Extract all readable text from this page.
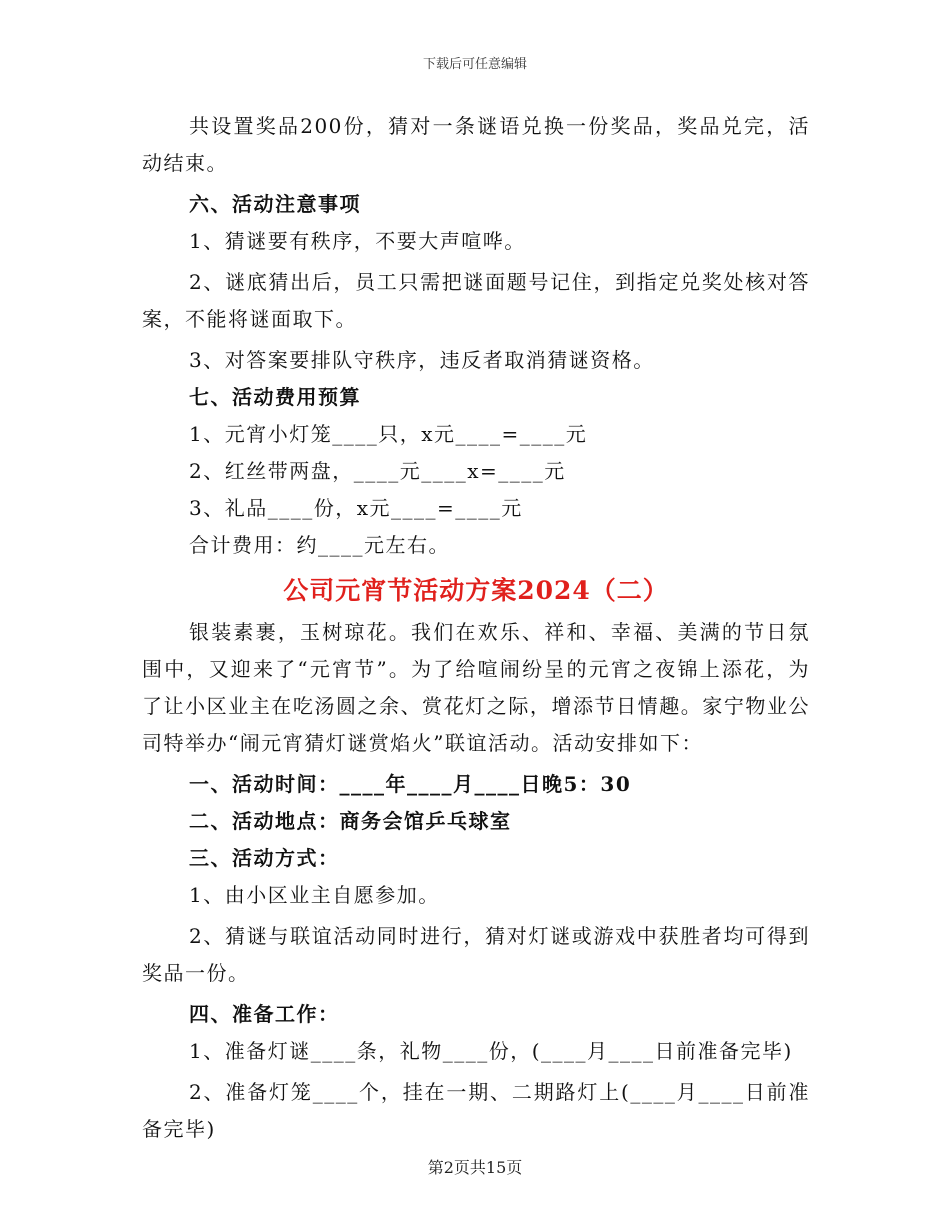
下载后可任意编辑

共设置奖品200份，猜对一条谜语兑换一份奖品，奖品兑完，活动结束。

六、活动注意事项

1、猜谜要有秩序，不要大声喧哗。

2、谜底猜出后，员工只需把谜面题号记住，到指定兑奖处核对答案，不能将谜面取下。

3、对答案要排队守秩序，违反者取消猜谜资格。

七、活动费用预算

1、元宵小灯笼____只，x元____=____元

2、红丝带两盘，____元____x=____元

3、礼品____份，x元____=____元

合计费用：约____元左右。

公司元宵节活动方案2024（二）

银装素裹，玉树琼花。我们在欢乐、祥和、幸福、美满的节日氛围中，又迎来了“元宵节”。为了给喧闹纷呈的元宵之夜锦上添花，为了让小区业主在吃汤圆之余、赏花灯之际，增添节日情趣。家宁物业公司特举办“闹元宵猜灯谜赏焰火”联谊活动。活动安排如下：

一、活动时间：____年____月____日晚5：30

二、活动地点：商务会馆乒乓球室

三、活动方式：

1、由小区业主自愿参加。

2、猜谜与联谊活动同时进行，猜对灯谜或游戏中获胜者均可得到奖品一份。

四、准备工作：

1、准备灯谜____条，礼物____份，(____月____日前准备完毕)

2、准备灯笼____个，挂在一期、二期路灯上(____月____日前准备完毕)

第2页共15页
